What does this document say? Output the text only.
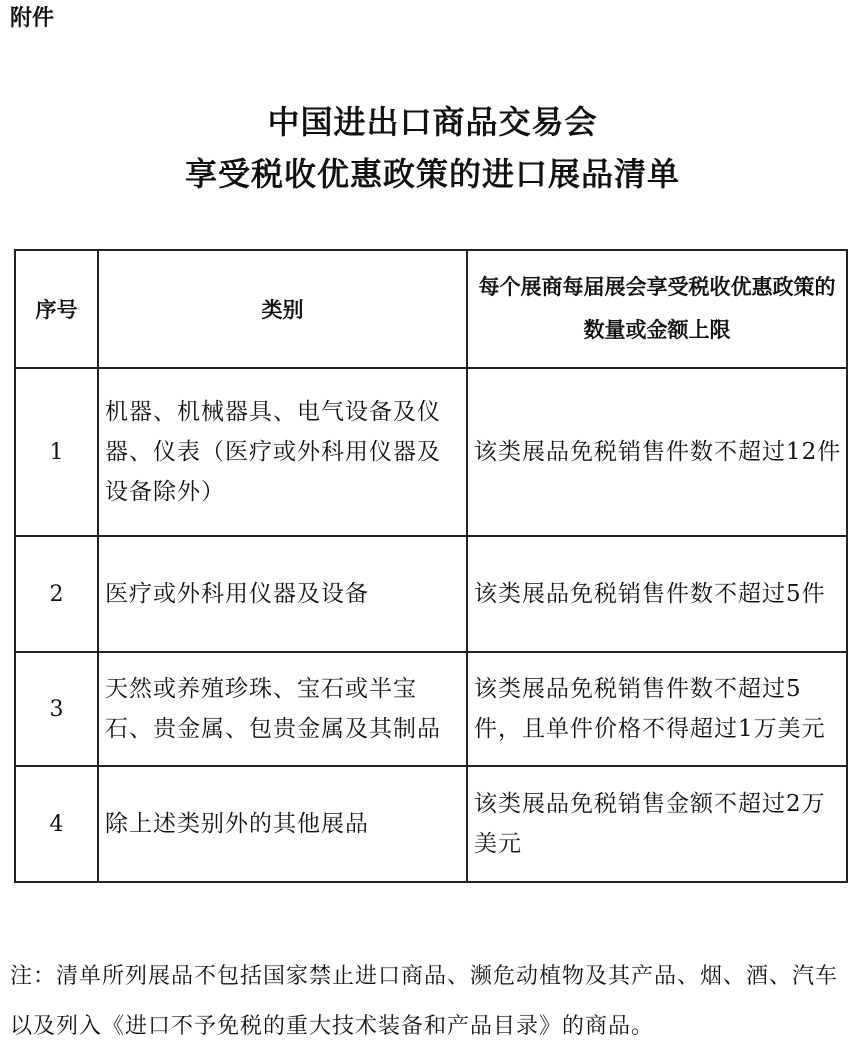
附件
中国进出口商品交易会
享受税收优惠政策的进口展品清单
序号	类别	每个展商每届展会享受税收优惠政策的数量或金额上限
1	机器、机械器具、电气设备及仪器、仪表（医疗或外科用仪器及设备除外）	该类展品免税销售件数不超过12件
2	医疗或外科用仪器及设备	该类展品免税销售件数不超过5件
3	天然或养殖珍珠、宝石或半宝石、贵金属、包贵金属及其制品	该类展品免税销售件数不超过5件，且单件价格不得超过1万美元
4	除上述类别外的其他展品	该类展品免税销售金额不超过2万美元
注：清单所列展品不包括国家禁止进口商品、濒危动植物及其产品、烟、酒、汽车以及列入《进口不予免税的重大技术装备和产品目录》的商品。
